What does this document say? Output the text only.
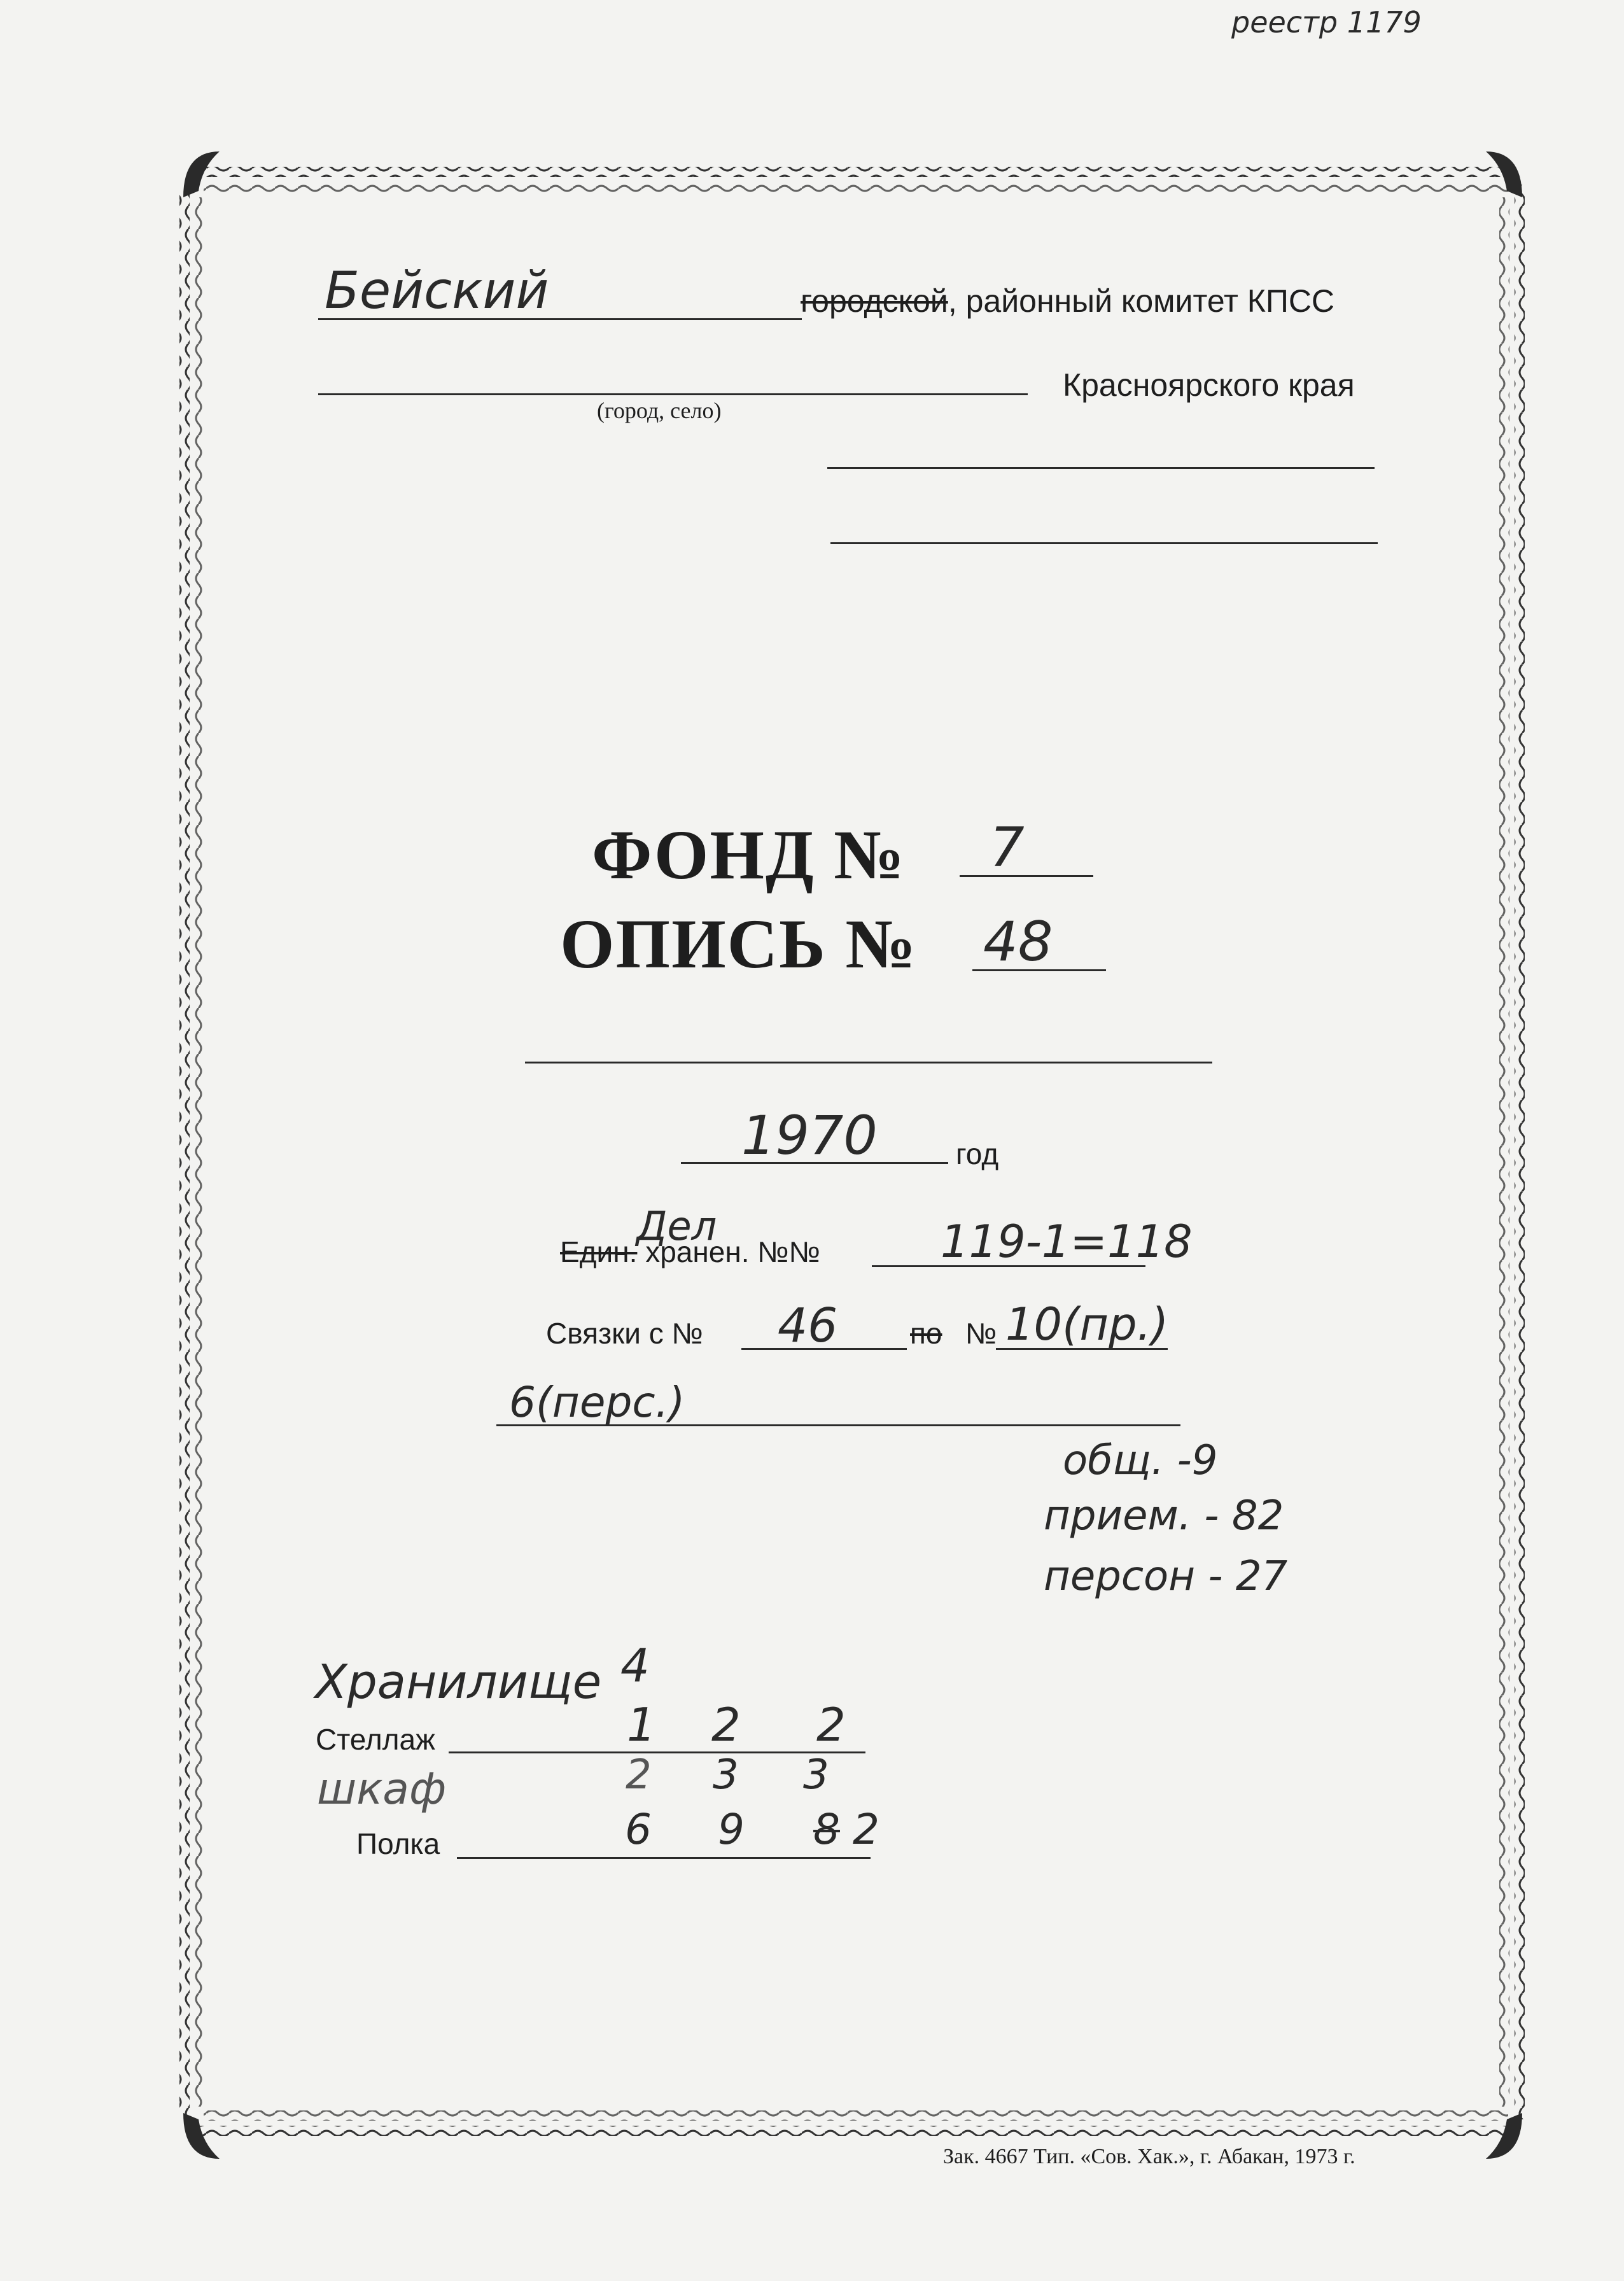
реестр 1179
Бейский	городской, районный комитет КПСС
(город, село)
Красноярского края
ФОНД № 7
ОПИСЬ № 48
1970	год
Дел
Един. хранен. №№	119-1=118
Связки с № 46 по № 10(пр.)
6(перс.)
общ. -9
прием. - 82
персон - 27
Хранилище 4
Стеллаж	1 2 2
шкаф	2 3 3
Полка	6 9 8 2
Зак. 4667 Тип. «Сов. Хак.», г. Абакан, 1973 г.
